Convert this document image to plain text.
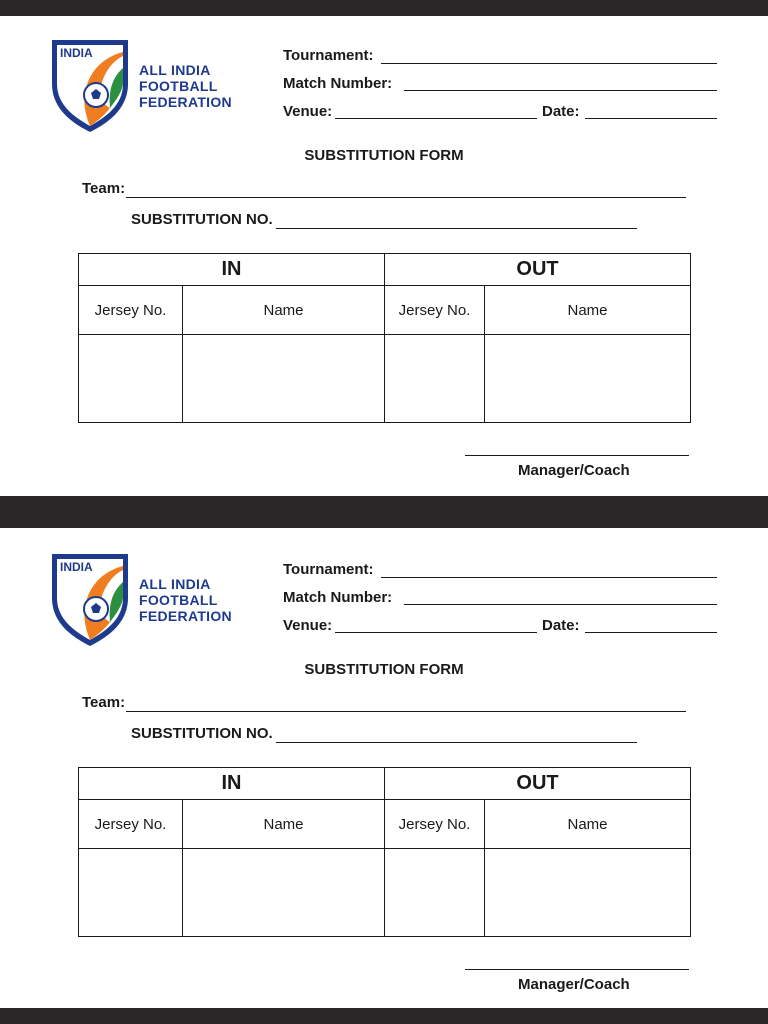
INDIA
ALL INDIA
FOOTBALL
FEDERATION
Tournament:
Match Number:
Venue:	Date:
SUBSTITUTION FORM
Team:
SUBSTITUTION NO.
IN		OUT	
Jersey No.	Name	Jersey No.	Name

Manager/Coach
INDIA
ALL INDIA
FOOTBALL
FEDERATION
Tournament:
Match Number:
Venue:	Date:
SUBSTITUTION FORM
Team:
SUBSTITUTION NO.
IN		OUT	
Jersey No.	Name	Jersey No.	Name

Manager/Coach
